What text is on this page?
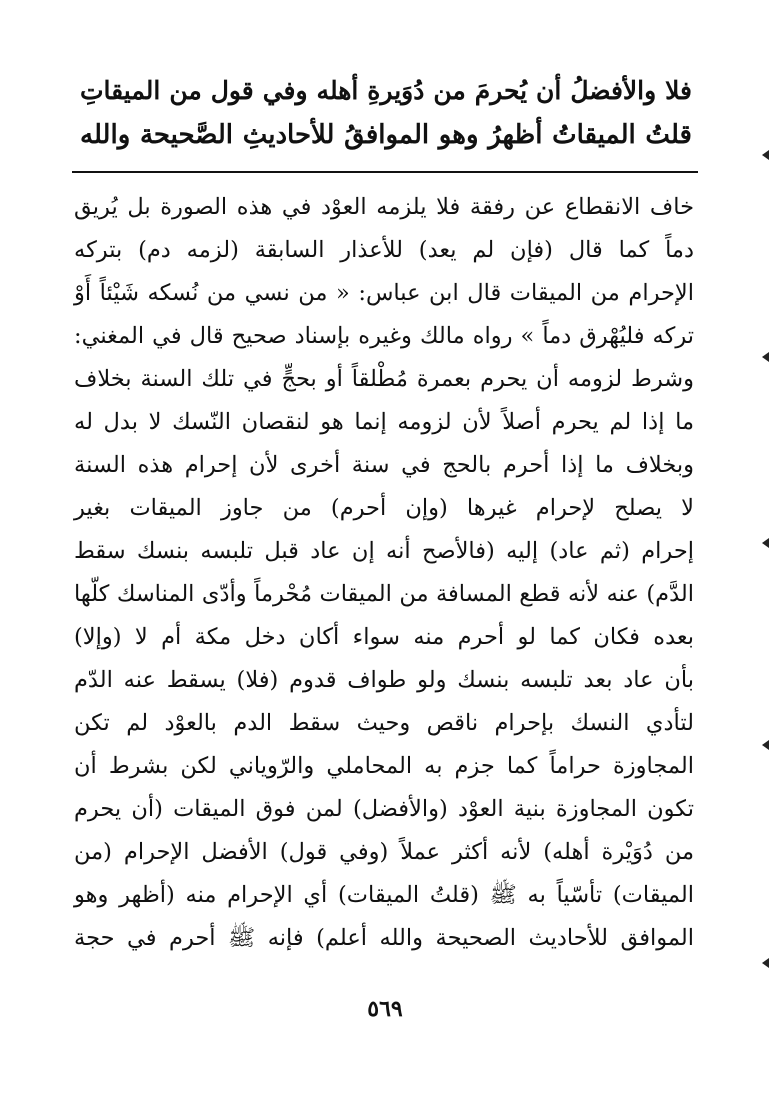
فلا والأفضلُ أن يُحرمَ من دُوَيرةِ أهله وفي قول من الميقاتِ
قلتُ الميقاتُ أظهرُ وهو الموافقُ للأحاديثِ الصَّحيحة والله
خاف الانقطاع عن رفقة فلا يلزمه العوْد في هذه الصورة بل يُريق
دماً كما قال (فإن لم يعد) للأعذار السابقة (لزمه دم) بتركه
الإحرام من الميقات قال ابن عباس: « من نسي من نُسكه شَيْئاً أَوْ
تركه فليُهْرق دماً » رواه مالك وغيره بإسناد صحيح قال في المغني:
وشرط لزومه أن يحرم بعمرة مُطْلقاً أو بحجٍّ في تلك السنة بخلاف
ما إذا لم يحرم أصلاً لأن لزومه إنما هو لنقصان النّسك لا بدل له
وبخلاف ما إذا أحرم بالحج في سنة أخرى لأن إحرام هذه السنة
لا يصلح لإحرام غيرها (وإن أحرم) من جاوز الميقات بغير
إحرام (ثم عاد) إليه (فالأصح أنه إن عاد قبل تلبسه بنسك سقط
الدَّم) عنه لأنه قطع المسافة من الميقات مُحْرماً وأدّى المناسك كلّها
بعده فكان كما لو أحرم منه سواء أكان دخل مكة أم لا (وإلا)
بأن عاد بعد تلبسه بنسك ولو طواف قدوم (فلا) يسقط عنه الدّم
لتأدي النسك بإحرام ناقص وحيث سقط الدم بالعوْد لم تكن
المجاوزة حراماً كما جزم به المحاملي والرّوياني لكن بشرط أن
تكون المجاوزة بنية العوْد (والأفضل) لمن فوق الميقات (أن يحرم
من دُوَيْرة أهله) لأنه أكثر عملاً (وفي قول) الأفضل الإحرام (من
الميقات) تأسّياً به ﷺ (قلتُ الميقات) أي الإحرام منه (أظهر وهو
الموافق للأحاديث الصحيحة والله أعلم) فإنه ﷺ أحرم في حجة
٥٦٩
